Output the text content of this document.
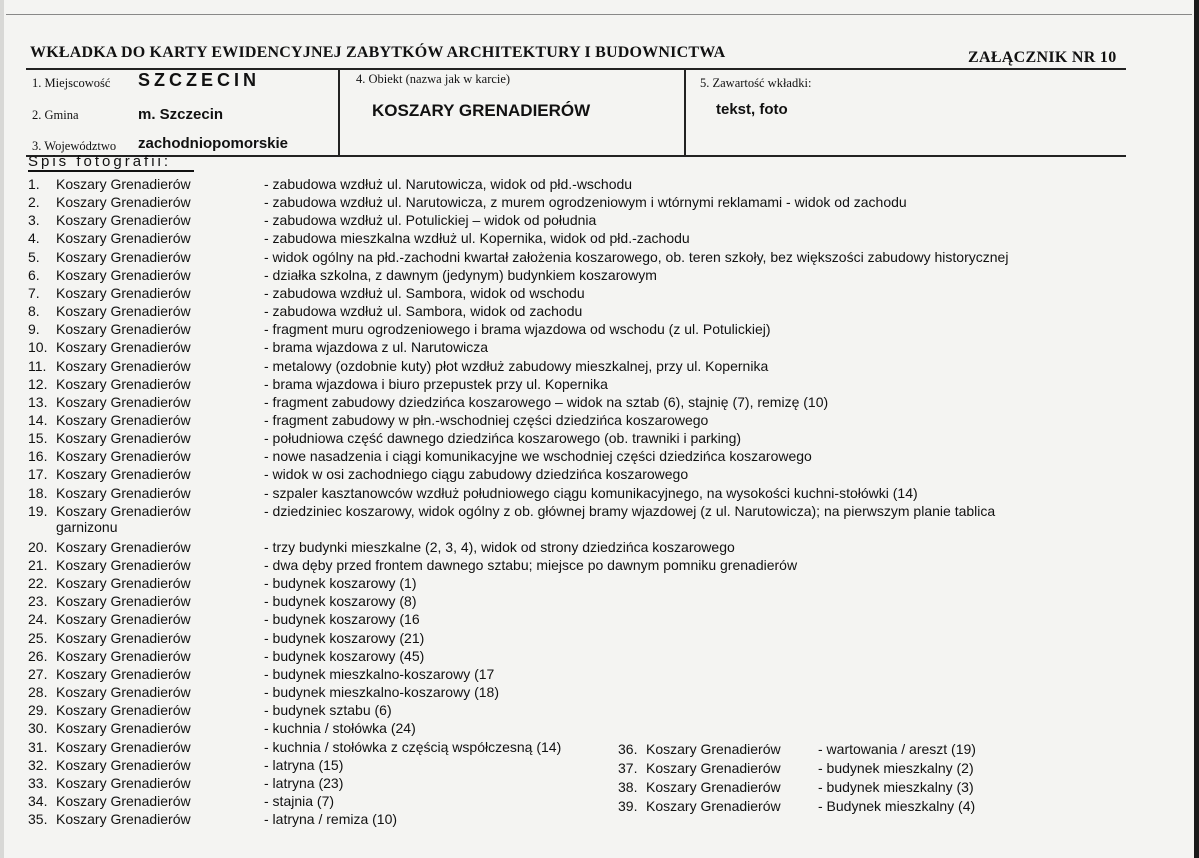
WKŁADKA DO KARTY EWIDENCYJNEJ ZABYTKÓW ARCHITEKTURY I BUDOWNICTWA	ZAŁĄCZNIK NR 10
1. Miejscowość SZCZECIN
2. Gmina	m. Szczecin
3. Województwo zachodniopomorskie
4. Obiekt (nazwa jak w karcie)
KOSZARY GRENADIERÓW
5. Zawartość wkładki:
tekst, foto
Spis fotografii:
1. Koszary Grenadierów	- zabudowa wzdłuż ul. Narutowicza, widok od płd.-wschodu
2. Koszary Grenadierów	- zabudowa wzdłuż ul. Narutowicza, z murem ogrodzeniowym i wtórnymi reklamami - widok od zachodu
3. Koszary Grenadierów	- zabudowa wzdłuż ul. Potulickiej – widok od południa
4. Koszary Grenadierów	- zabudowa mieszkalna wzdłuż ul. Kopernika, widok od płd.-zachodu
5. Koszary Grenadierów	- widok ogólny na płd.-zachodni kwartał założenia koszarowego, ob. teren szkoły, bez większości zabudowy historycznej
6. Koszary Grenadierów	- działka szkolna, z dawnym (jedynym) budynkiem koszarowym
7. Koszary Grenadierów	- zabudowa wzdłuż ul. Sambora, widok od wschodu
8. Koszary Grenadierów	- zabudowa wzdłuż ul. Sambora, widok od zachodu
9. Koszary Grenadierów	- fragment muru ogrodzeniowego i brama wjazdowa od wschodu (z ul. Potulickiej)
10. Koszary Grenadierów	- brama wjazdowa z ul. Narutowicza
11. Koszary Grenadierów	- metalowy (ozdobnie kuty) płot wzdłuż zabudowy mieszkalnej, przy ul. Kopernika
12. Koszary Grenadierów	- brama wjazdowa i biuro przepustek przy ul. Kopernika
13. Koszary Grenadierów	- fragment zabudowy dziedzińca koszarowego – widok na sztab (6), stajnię (7), remizę (10)
14. Koszary Grenadierów	- fragment zabudowy w płn.-wschodniej części dziedzińca koszarowego
15. Koszary Grenadierów	- południowa część dawnego dziedzińca koszarowego (ob. trawniki i parking)
16. Koszary Grenadierów	- nowe nasadzenia i ciągi komunikacyjne we wschodniej części dziedzińca koszarowego
17. Koszary Grenadierów	- widok w osi zachodniego ciągu zabudowy dziedzińca koszarowego
18. Koszary Grenadierów	- szpaler kasztanowców wzdłuż południowego ciągu komunikacyjnego, na wysokości kuchni-stołówki (14)
19. Koszary Grenadierów	- dziedziniec koszarowy, widok ogólny z ob. głównej bramy wjazdowej (z ul. Narutowicza); na pierwszym planie tablica
garnizonu
20. Koszary Grenadierów	- trzy budynki mieszkalne (2, 3, 4), widok od strony dziedzińca koszarowego
21. Koszary Grenadierów	- dwa dęby przed frontem dawnego sztabu; miejsce po dawnym pomniku grenadierów
22. Koszary Grenadierów	- budynek koszarowy (1)
23. Koszary Grenadierów	- budynek koszarowy (8)
24. Koszary Grenadierów	- budynek koszarowy (16
25. Koszary Grenadierów	- budynek koszarowy (21)
26. Koszary Grenadierów	- budynek koszarowy (45)
27. Koszary Grenadierów	- budynek mieszkalno-koszarowy (17
28. Koszary Grenadierów	- budynek mieszkalno-koszarowy (18)
29. Koszary Grenadierów	- budynek sztabu (6)
30. Koszary Grenadierów	- kuchnia / stołówka (24)
31. Koszary Grenadierów	- kuchnia / stołówka z częścią współczesną (14)
32. Koszary Grenadierów	- latryna (15)
33. Koszary Grenadierów	- latryna (23)
34. Koszary Grenadierów	- stajnia (7)
35. Koszary Grenadierów	- latryna / remiza (10)
36. Koszary Grenadierów	- wartowania / areszt (19)
37. Koszary Grenadierów	- budynek mieszkalny (2)
38. Koszary Grenadierów	- budynek mieszkalny (3)
39. Koszary Grenadierów	- Budynek mieszkalny (4)
